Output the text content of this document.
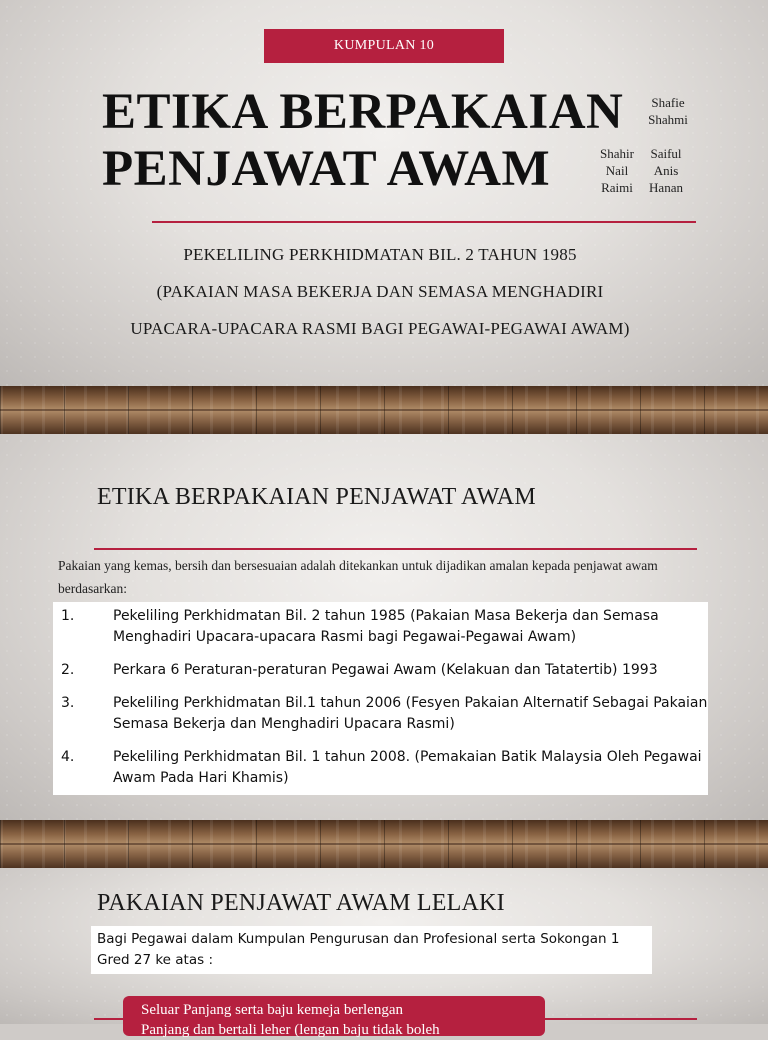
KUMPULAN 10
ETIKA BERPAKAIAN
PENJAWAT AWAM
Shafie
Shahmi
Shahir
Nail
Raimi
Saiful
Anis
Hanan
PEKELILING PERKHIDMATAN BIL. 2 TAHUN 1985
(PAKAIAN MASA BEKERJA DAN SEMASA MENGHADIRI
UPACARA-UPACARA RASMI BAGI PEGAWAI-PEGAWAI AWAM)
ETIKA BERPAKAIAN PENJAWAT AWAM

Pakaian yang kemas, bersih dan bersesuaian adalah ditekankan untuk dijadikan amalan kepada penjawat awam berdasarkan:

1.	Pekeliling Perkhidmatan Bil. 2 tahun 1985 (Pakaian Masa Bekerja dan Semasa Menghadiri Upacara-upacara Rasmi bagi Pegawai-Pegawai Awam)
2.	Perkara 6 Peraturan-peraturan Pegawai Awam (Kelakuan dan Tatatertib) 1993
3.	Pekeliling Perkhidmatan Bil.1 tahun 2006 (Fesyen Pakaian Alternatif Sebagai Pakaian Semasa Bekerja dan Menghadiri Upacara Rasmi)
4.	Pekeliling Perkhidmatan Bil. 1 tahun 2008. (Pemakaian Batik Malaysia Oleh Pegawai Awam Pada Hari Khamis)
PAKAIAN PENJAWAT AWAM LELAKI
Bagi Pegawai dalam Kumpulan Pengurusan dan Profesional serta Sokongan 1 Gred 27 ke atas :
Seluar Panjang serta baju kemeja berlengan
Panjang dan bertali leher (lengan baju tidak boleh
